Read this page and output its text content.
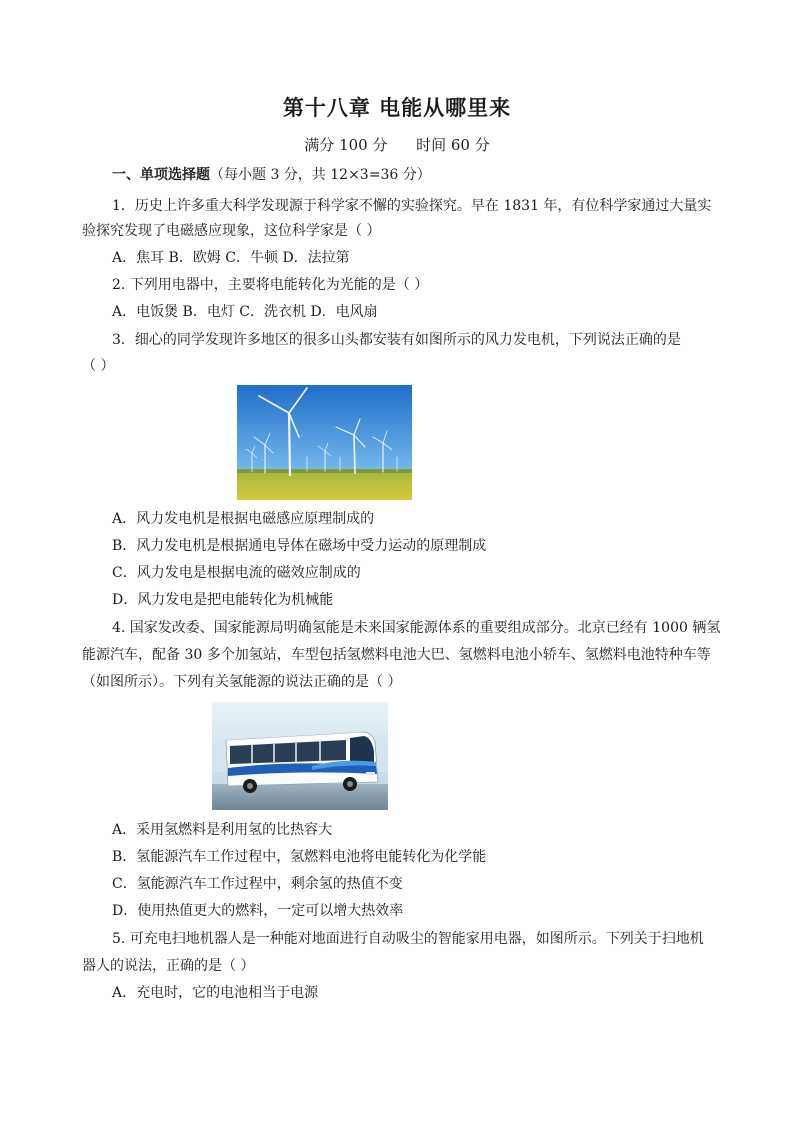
第十八章 电能从哪里来
满分 100 分      时间 60 分
一、单项选择题（每小题 3 分，共 12×3=36 分）
1．历史上许多重大科学发现源于科学家不懈的实验探究。早在 1831 年，有位科学家通过大量实
验探究发现了电磁感应现象，这位科学家是（ ）
A．焦耳 B．欧姆 C．牛顿 D．法拉第
2. 下列用电器中，主要将电能转化为光能的是（ ）
A．电饭煲 B．电灯 C．洗衣机 D．电风扇
3．细心的同学发现许多地区的很多山头都安装有如图所示的风力发电机，下列说法正确的是
（ ）
A．风力发电机是根据电磁感应原理制成的
B．风力发电机是根据通电导体在磁场中受力运动的原理制成
C．风力发电是根据电流的磁效应制成的
D．风力发电是把电能转化为机械能
4. 国家发改委、国家能源局明确氢能是未来国家能源体系的重要组成部分。北京已经有 1000 辆氢
能源汽车，配备 30 多个加氢站，车型包括氢燃料电池大巴、氢燃料电池小轿车、氢燃料电池特种车等
（如图所示）。下列有关氢能源的说法正确的是（ ）
A．采用氢燃料是利用氢的比热容大
B．氢能源汽车工作过程中，氢燃料电池将电能转化为化学能
C．氢能源汽车工作过程中，剩余氢的热值不变
D．使用热值更大的燃料，一定可以增大热效率
5. 可充电扫地机器人是一种能对地面进行自动吸尘的智能家用电器，如图所示。下列关于扫地机
器人的说法，正确的是（ ）
A．充电时，它的电池相当于电源
